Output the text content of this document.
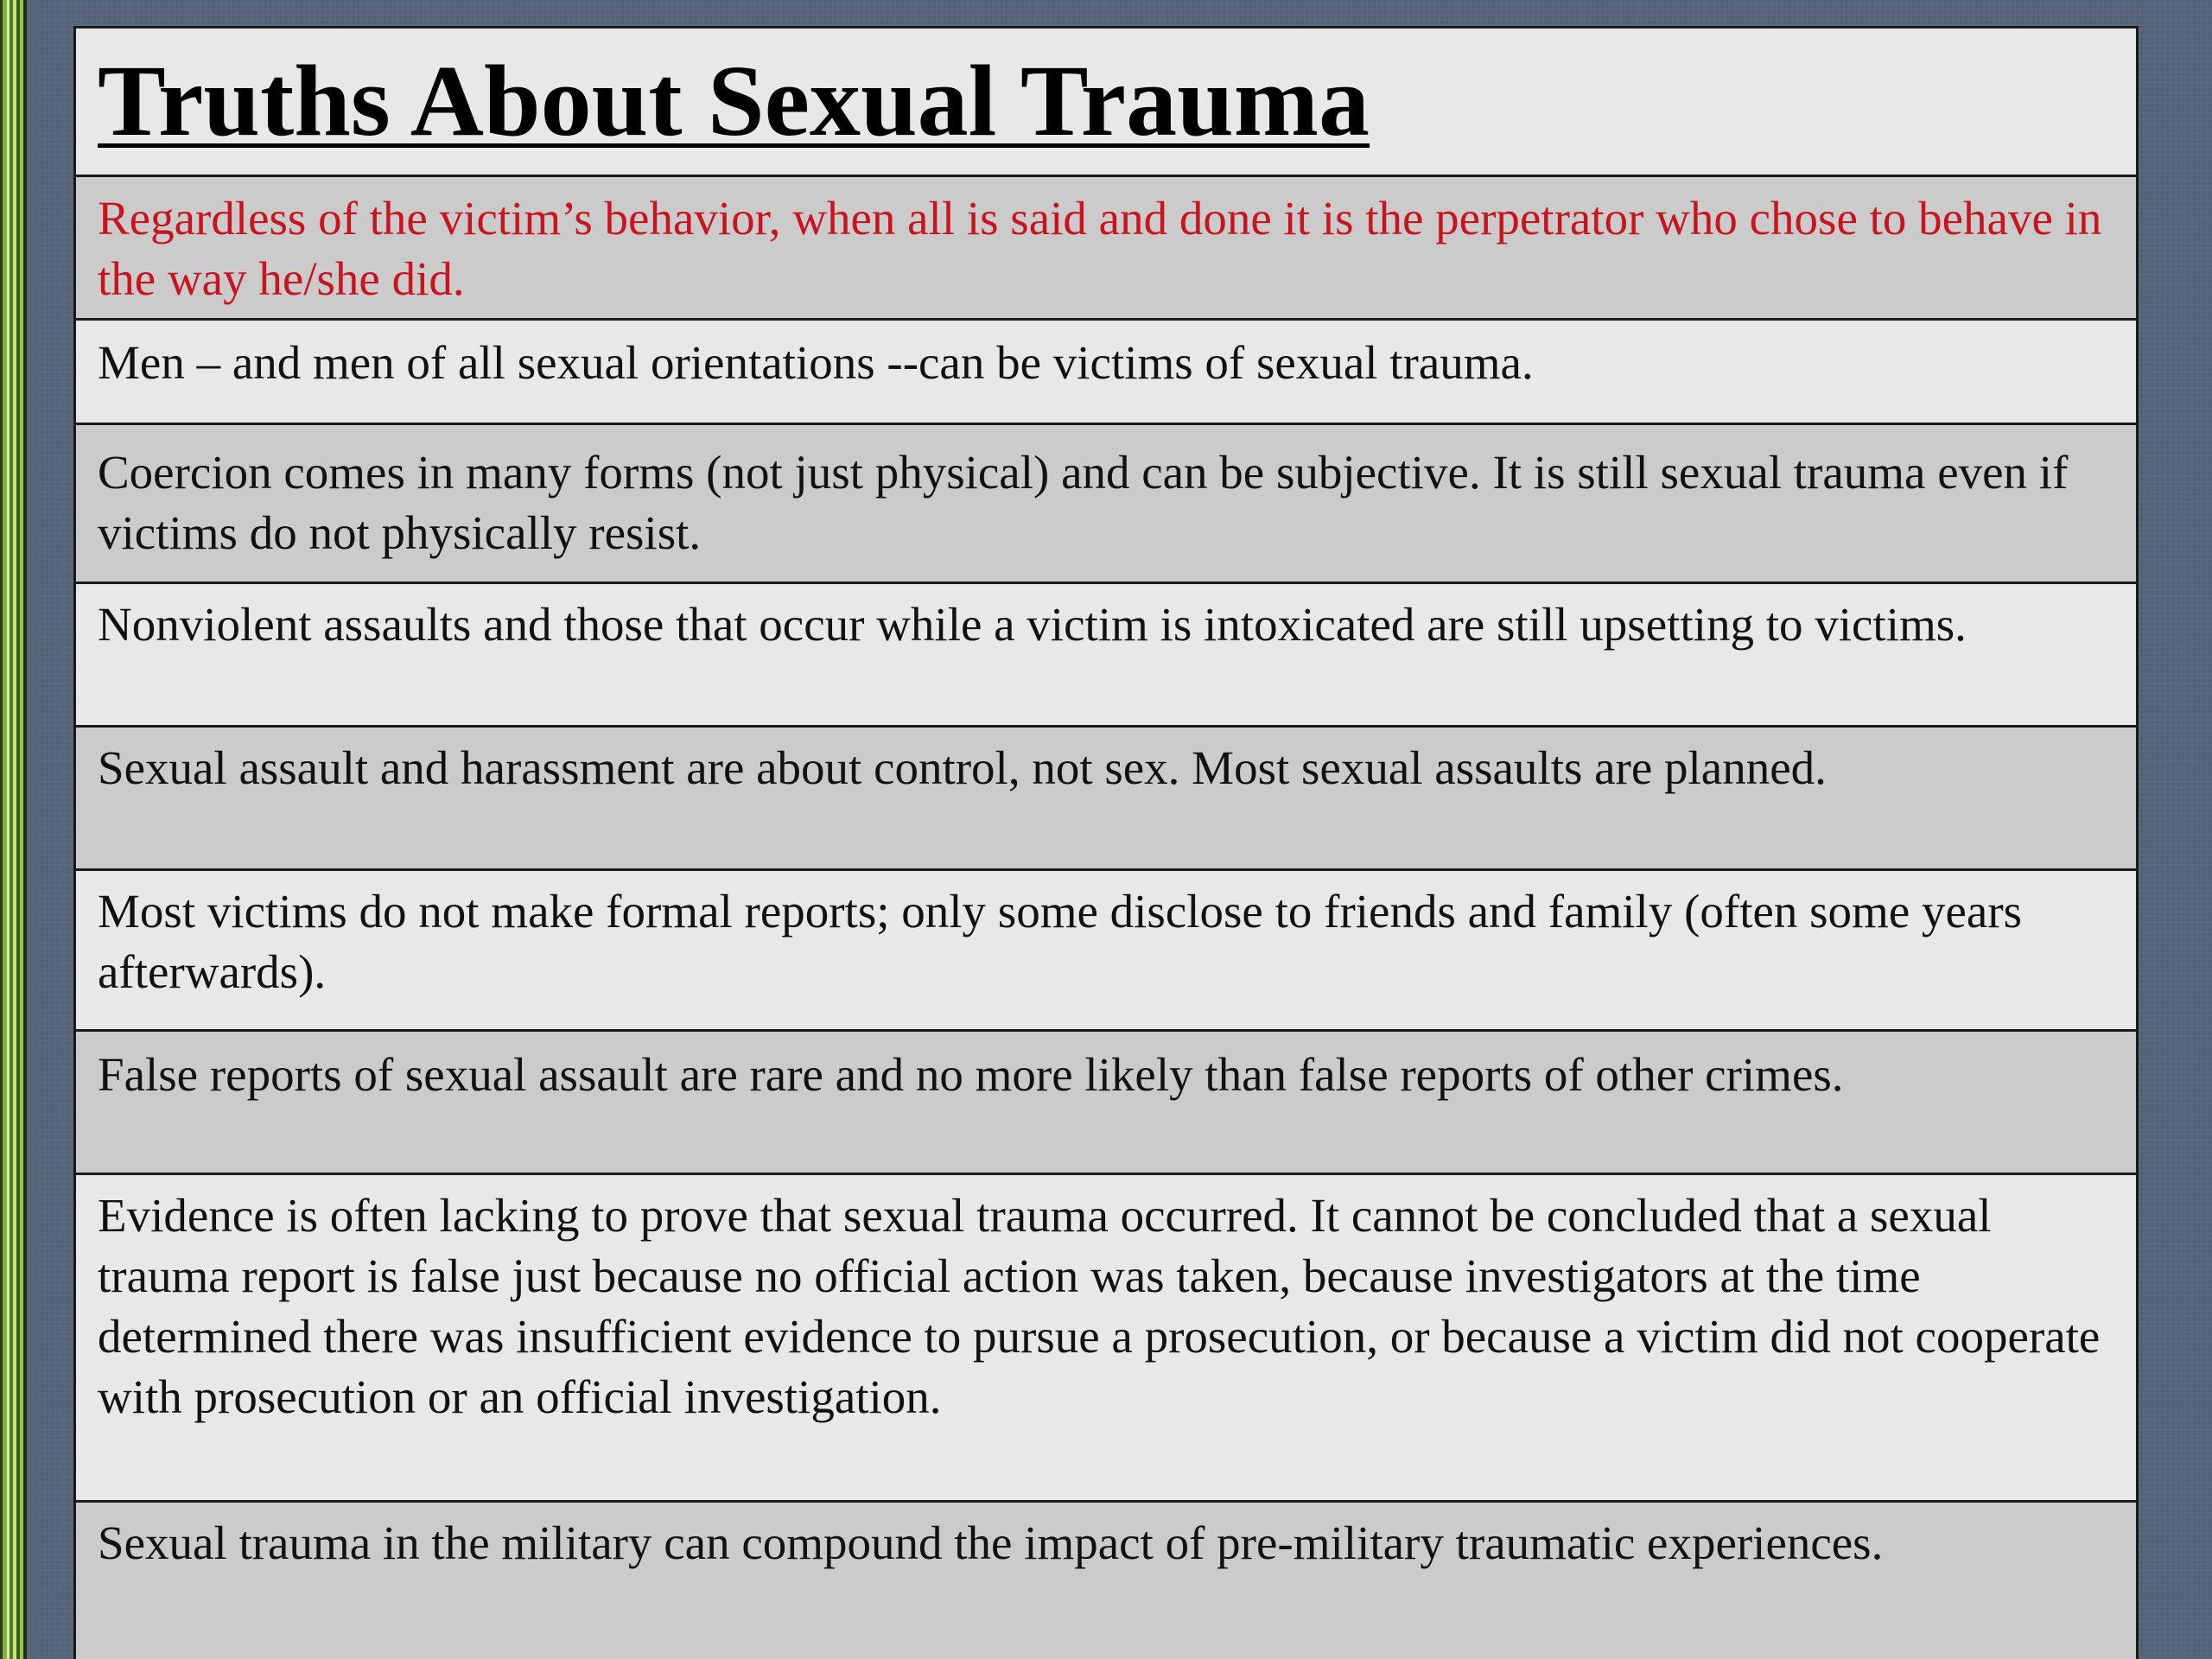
Truths About Sexual Trauma
Regardless of the victim’s behavior, when all is said and done it is the perpetrator who chose to behave in the way he/she did.
Men – and men of all sexual orientations --can be victims of sexual trauma.
Coercion comes in many forms (not just physical) and can be subjective. It is still sexual trauma even if victims do not physically resist.
Nonviolent assaults and those that occur while a victim is intoxicated are still upsetting to victims.
Sexual assault and harassment are about control, not sex. Most sexual assaults are planned.
Most victims do not make formal reports; only some disclose to friends and family (often some years afterwards).
False reports of sexual assault are rare and no more likely than false reports of other crimes.
Evidence is often lacking to prove that sexual trauma occurred. It cannot be concluded that a sexual trauma report is false just because no official action was taken, because investigators at the time determined there was insufficient evidence to pursue a prosecution, or because a victim did not cooperate with prosecution or an official investigation.
Sexual trauma in the military can compound the impact of pre-military traumatic experiences.
